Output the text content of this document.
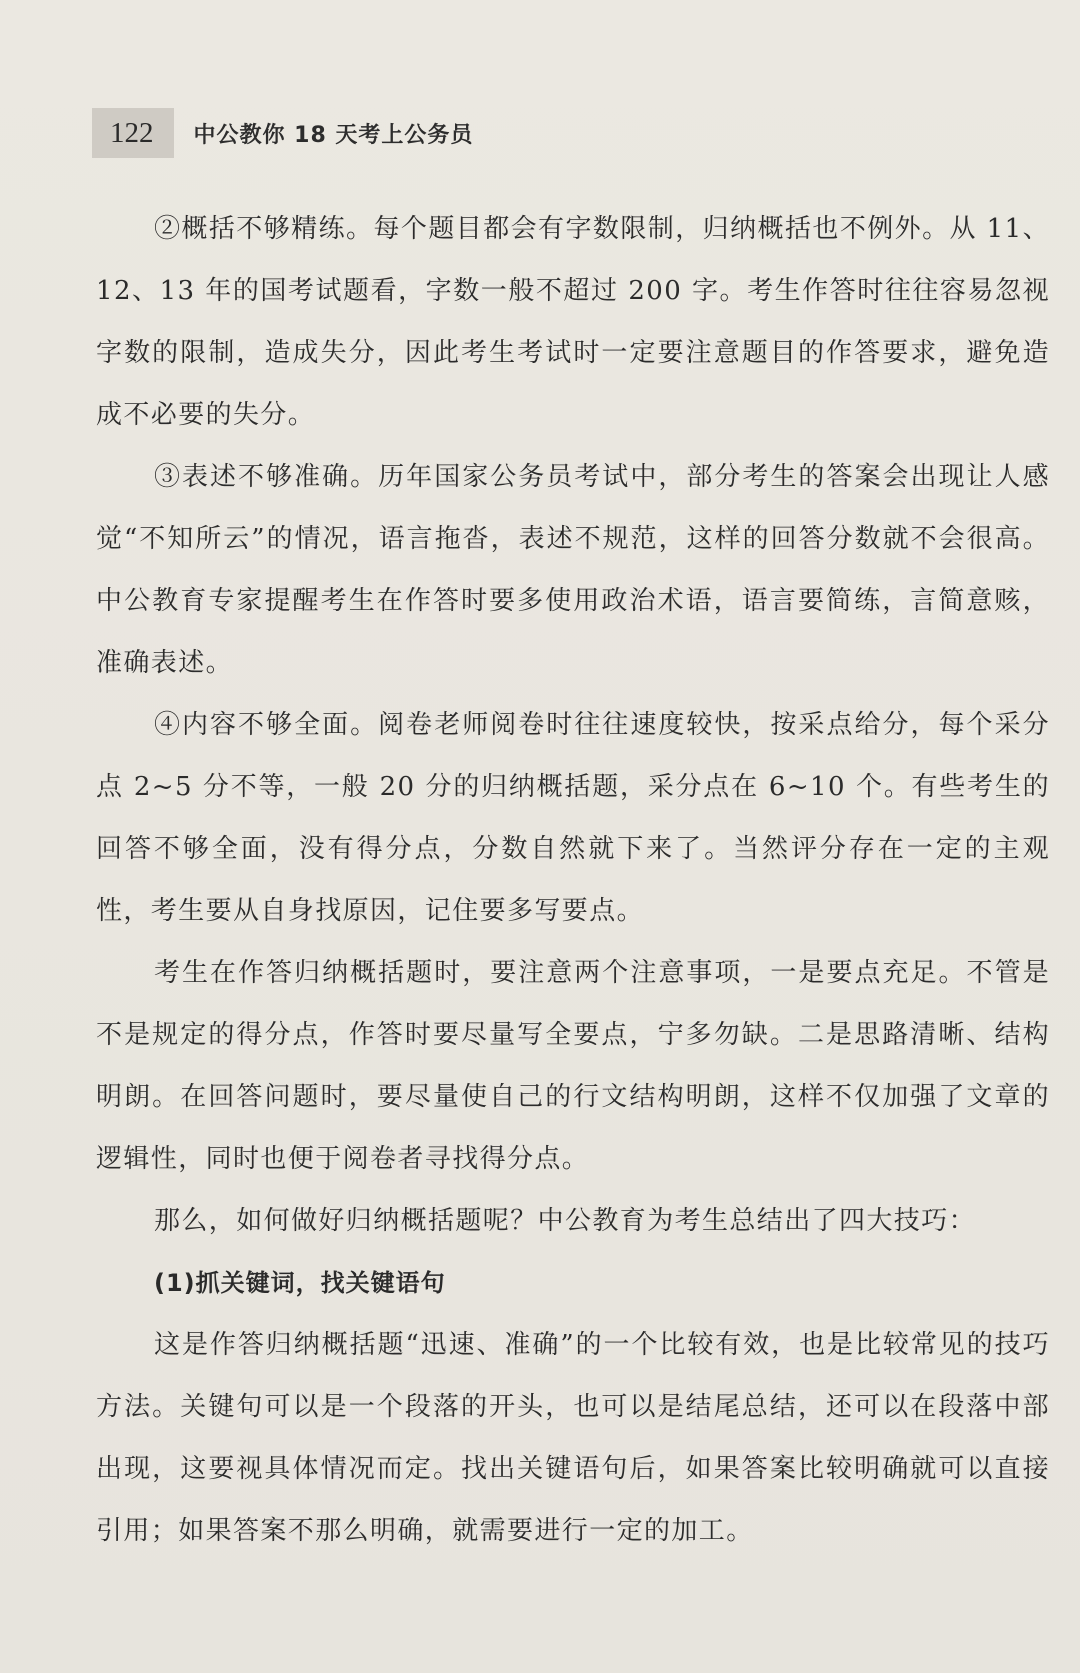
122	中公教你 18 天考上公务员

②概括不够精练。每个题目都会有字数限制，归纳概括也不例外。从 11、12、13 年的国考试题看，字数一般不超过 200 字。考生作答时往往容易忽视字数的限制，造成失分，因此考生考试时一定要注意题目的作答要求，避免造成不必要的失分。

③表述不够准确。历年国家公务员考试中，部分考生的答案会出现让人感觉“不知所云”的情况，语言拖沓，表述不规范，这样的回答分数就不会很高。中公教育专家提醒考生在作答时要多使用政治术语，语言要简练，言简意赅，准确表述。

④内容不够全面。阅卷老师阅卷时往往速度较快，按采点给分，每个采分点 2~5 分不等，一般 20 分的归纳概括题，采分点在 6~10 个。有些考生的回答不够全面，没有得分点，分数自然就下来了。当然评分存在一定的主观性，考生要从自身找原因，记住要多写要点。

考生在作答归纳概括题时，要注意两个注意事项，一是要点充足。不管是不是规定的得分点，作答时要尽量写全要点，宁多勿缺。二是思路清晰、结构明朗。在回答问题时，要尽量使自己的行文结构明朗，这样不仅加强了文章的逻辑性，同时也便于阅卷者寻找得分点。

那么，如何做好归纳概括题呢？中公教育为考生总结出了四大技巧：

(1)抓关键词，找关键语句

这是作答归纳概括题“迅速、准确”的一个比较有效，也是比较常见的技巧方法。关键句可以是一个段落的开头，也可以是结尾总结，还可以在段落中部出现，这要视具体情况而定。找出关键语句后，如果答案比较明确就可以直接引用；如果答案不那么明确，就需要进行一定的加工。
